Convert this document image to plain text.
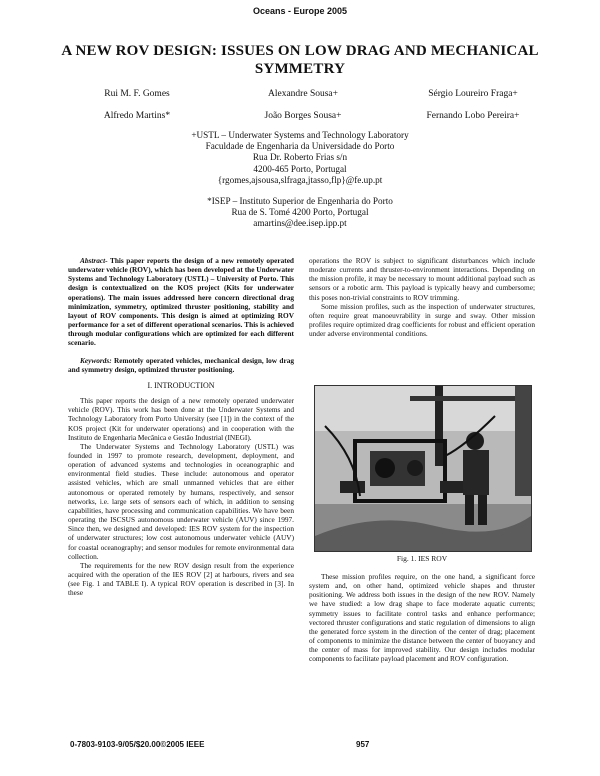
Oceans - Europe 2005
A NEW ROV DESIGN: ISSUES ON LOW DRAG AND MECHANICAL SYMMETRY
Rui M. F. Gomes	Alexandre Sousa+	Sérgio Loureiro Fraga+
Alfredo Martins*	João Borges Sousa+	Fernando Lobo Pereira+
+USTL – Underwater Systems and Technology Laboratory
Faculdade de Engenharia da Universidade do Porto
Rua Dr. Roberto Frias s/n
4200-465 Porto, Portugal
{rgomes,ajsousa,slfraga,jtasso,flp}@fe.up.pt
*ISEP – Instituto Superior de Engenharia do Porto
Rua de S. Tomé 4200 Porto, Portugal
amartins@dee.isep.ipp.pt

Abstract- This paper reports the design of a new remotely operated underwater vehicle (ROV), which has been developed at the Underwater Systems and Technology Laboratory (USTL) – University of Porto. This design is contextualized on the KOS project (Kits for underwater operations). The main issues addressed here concern directional drag minimization, symmetry, optimized thruster positioning, stability and layout of ROV components. This design is aimed at optimizing ROV performance for a set of different operational scenarios. This is achieved through modular configurations which are optimized for each different scenario.

Keywords: Remotely operated vehicles, mechanical design, low drag and symmetry design, optimized thruster positioning.

I. INTRODUCTION

This paper reports the design of a new remotely operated underwater vehicle (ROV). This work has been done at the Underwater Systems and Technology Laboratory from Porto University (see [1]) in the context of the KOS project (Kit for underwater operations) and in cooperation with the Instituto de Engenharia Mecânica e Gestão Industrial (INEGI).

The Underwater Systems and Technology Laboratory (USTL) was founded in 1997 to promote research, development, deployment, and operation of advanced systems and technologies in oceanographic and environmental field studies. These include: autonomous and operator assisted vehicles, which are small unmanned vehicles that are either autonomous or operated remotely by humans, respectively, and sensor networks, i.e. large sets of sensors each of which, in addition to sensing capabilities, have processing and communication capabilities. We have been operating the ISCSUS autonomous underwater vehicle (AUV) since 1997. Since then, we designed and developed: IES ROV system for the inspection of underwater structures; low cost autonomous underwater vehicle (AUV) for coastal oceanography; and sensor modules for remote environmental data collection.

The requirements for the new ROV design result from the experience acquired with the operation of the IES ROV [2] at harbours, rivers and sea (see Fig. 1 and TABLE I). A typical ROV operation is described in [3]. In these

operations the ROV is subject to significant disturbances which include moderate currents and thruster-to-environment interactions. Depending on the mission profile, it may be necessary to mount additional payload such as sensors or a robotic arm. This payload is typically heavy and cumbersome; this poses non-trivial constraints to ROV trimming.

Some mission profiles, such as the inspection of underwater structures, often require great manoeuvrability in surge and sway. Other mission profiles require optimized drag coefficients for robust and efficient operation under adverse environmental conditions.

Fig. 1. IES ROV

These mission profiles require, on the one hand, a significant force system and, on other hand, optimized vehicle shapes and thruster positioning. We address both issues in the design of the new ROV. Namely we have studied: a low drag shape to face moderate aquatic currents; symmetry issues to facilitate control tasks and enhance performance; vectored thruster configurations and static regulation of dimensions to align the generated force system in the direction of the center of drag; placement of components to minimize the distance between the center of buoyancy and the center of mass for improved stability. Our design includes modular components to facilitate payload placement and ROV configuration.

0-7803-9103-9/05/$20.00©2005 IEEE	957
